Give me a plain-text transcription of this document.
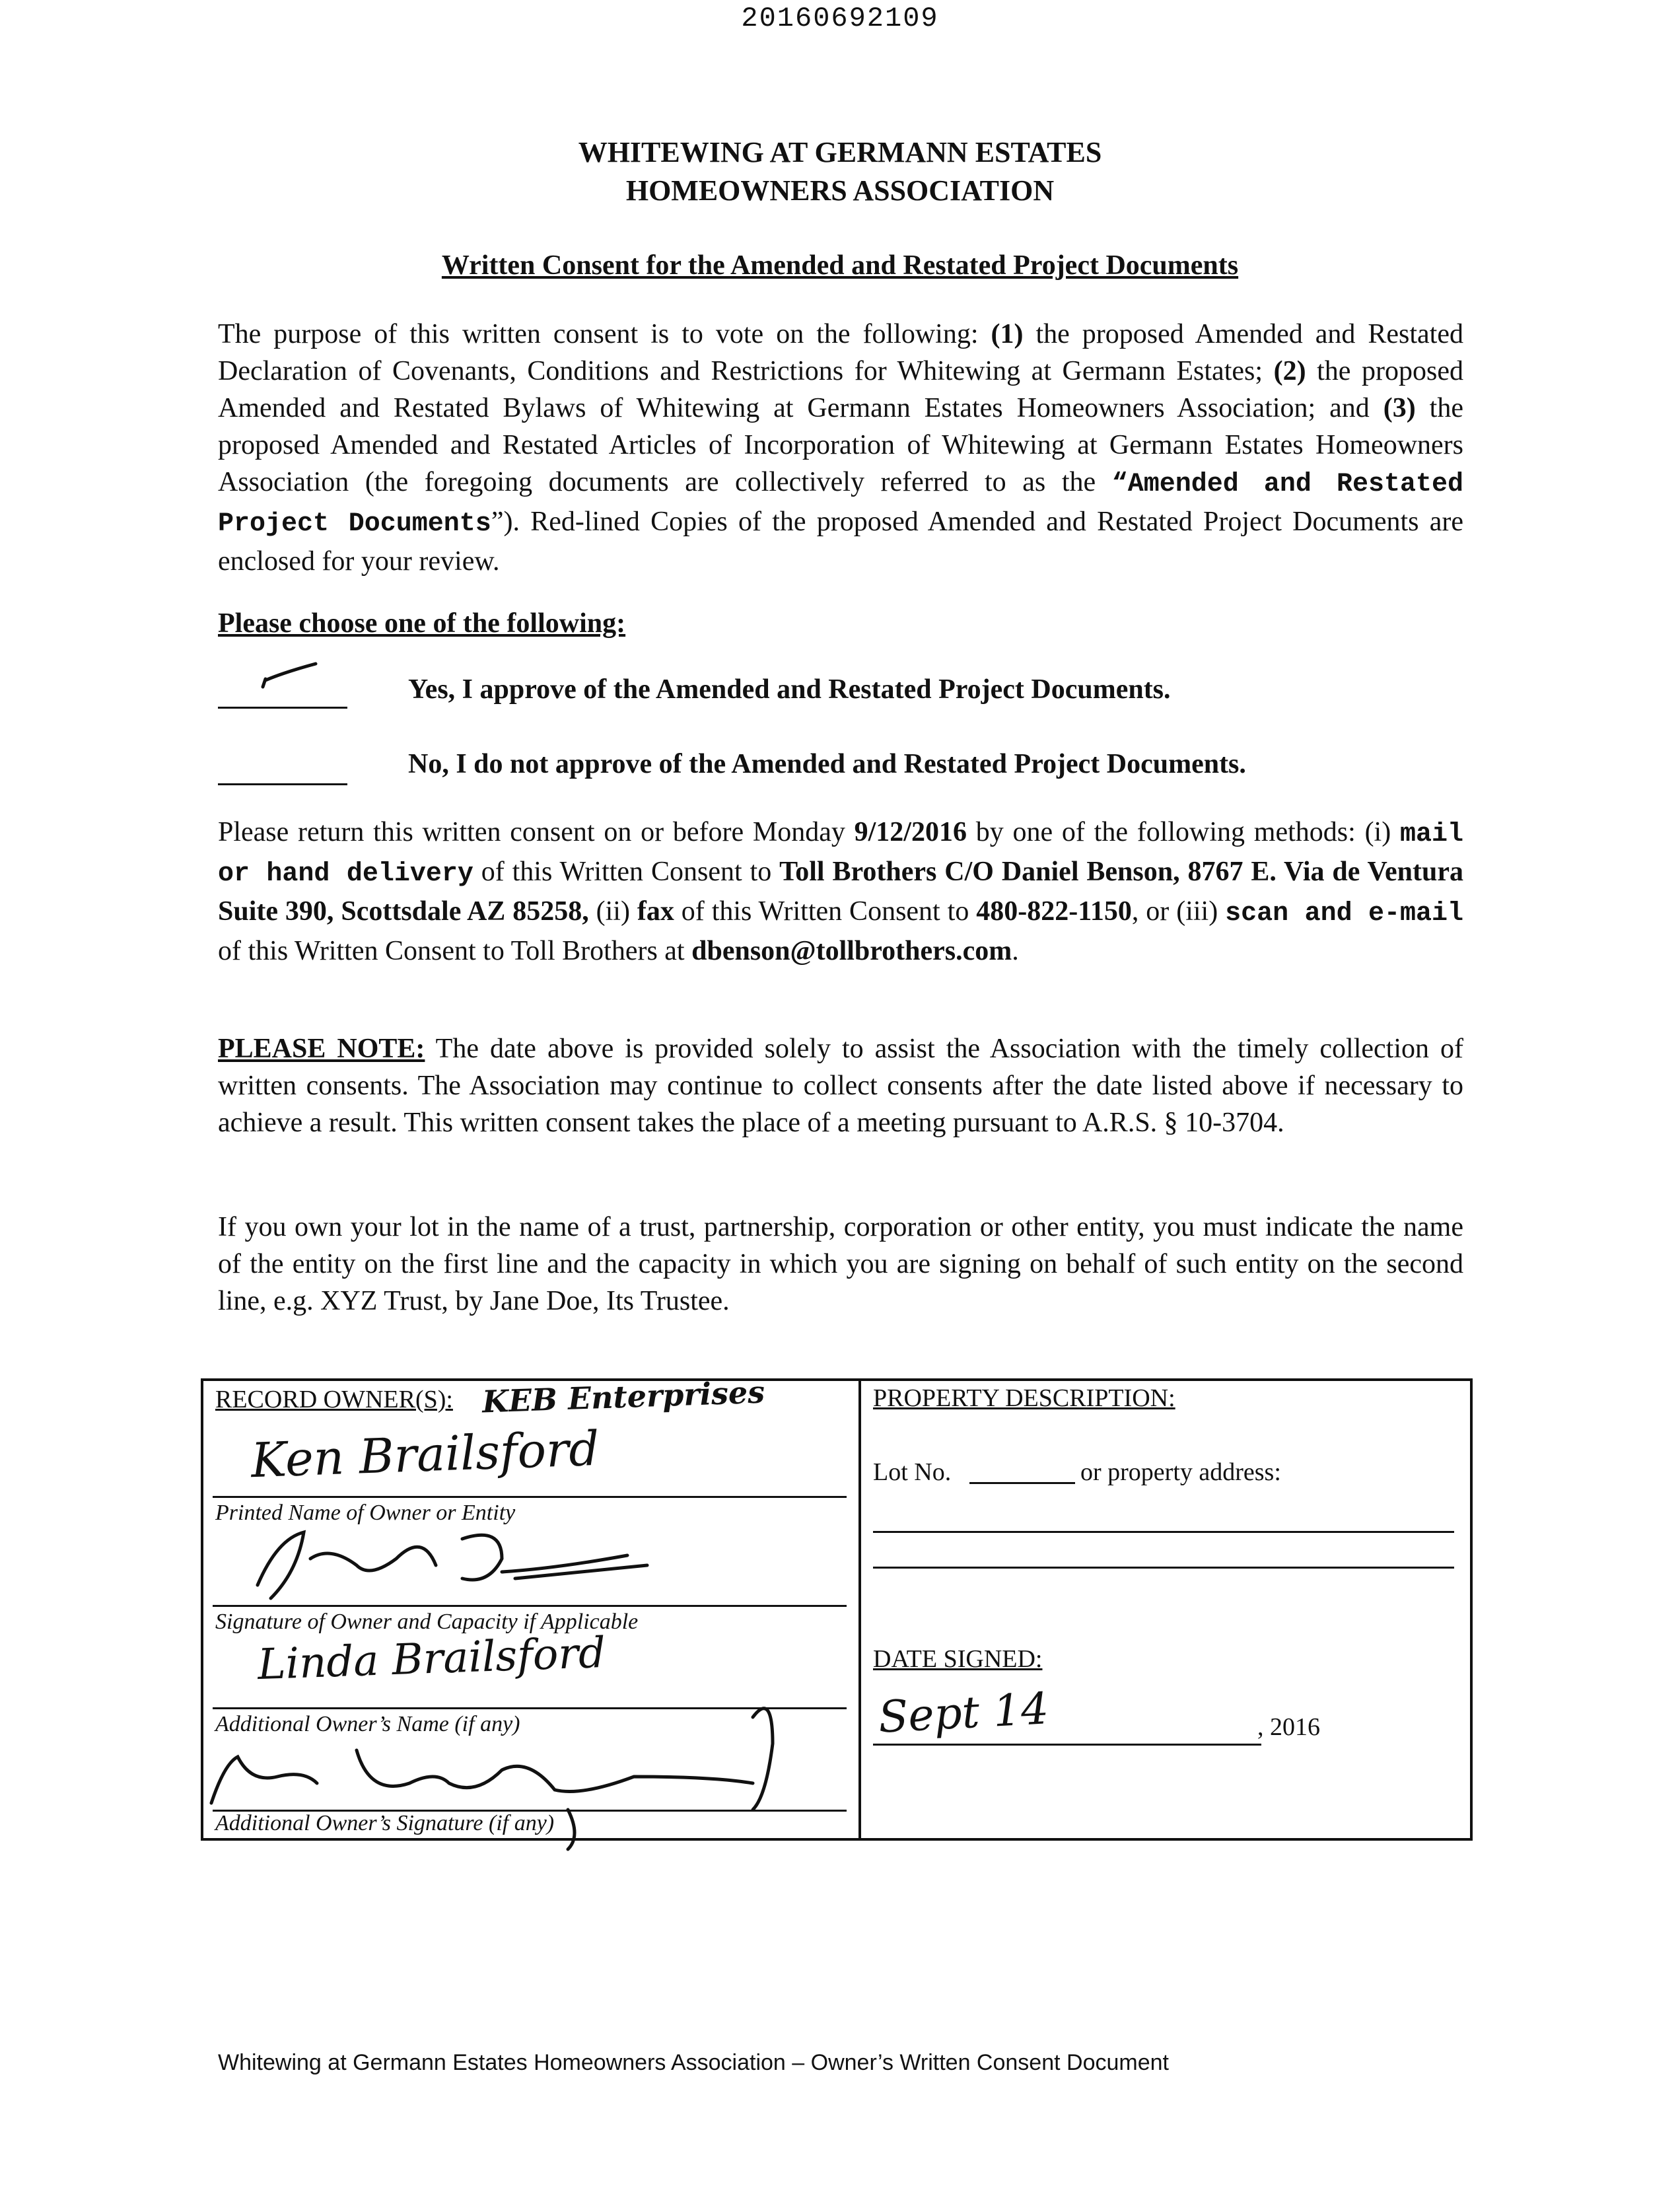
20160692109
WHITEWING AT GERMANN ESTATES
HOMEOWNERS ASSOCIATION
Written Consent for the Amended and Restated Project Documents
The purpose of this written consent is to vote on the following: (1) the proposed Amended and Restated Declaration of Covenants, Conditions and Restrictions for Whitewing at Germann Estates; (2) the proposed Amended and Restated Bylaws of Whitewing at Germann Estates Homeowners Association; and (3) the proposed Amended and Restated Articles of Incorporation of Whitewing at Germann Estates Homeowners Association (the foregoing documents are collectively referred to as the “Amended and Restated Project Documents”). Red-lined Copies of the proposed Amended and Restated Project Documents are enclosed for your review.
Please choose one of the following:
Yes, I approve of the Amended and Restated Project Documents.
No, I do not approve of the Amended and Restated Project Documents.
Please return this written consent on or before Monday 9/12/2016 by one of the following methods: (i) mail or hand delivery of this Written Consent to Toll Brothers C/O Daniel Benson, 8767 E. Via de Ventura Suite 390, Scottsdale AZ 85258, (ii) fax of this Written Consent to 480-822-1150, or (iii) scan and e-mail of this Written Consent to Toll Brothers at dbenson@tollbrothers.com.
PLEASE NOTE: The date above is provided solely to assist the Association with the timely collection of written consents. The Association may continue to collect consents after the date listed above if necessary to achieve a result. This written consent takes the place of a meeting pursuant to A.R.S. § 10-3704.
If you own your lot in the name of a trust, partnership, corporation or other entity, you must indicate the name of the entity on the first line and the capacity in which you are signing on behalf of such entity on the second line, e.g. XYZ Trust, by Jane Doe, Its Trustee.
RECORD OWNER(S): KEB Enterprises
Ken Brailsford
Printed Name of Owner or Entity
Signature of Owner and Capacity if Applicable
Linda Brailsford
Additional Owner’s Name (if any)
Additional Owner’s Signature (if any)
PROPERTY DESCRIPTION:
Lot No.	or property address:
DATE SIGNED:
Sept 14	, 2016
Whitewing at Germann Estates Homeowners Association – Owner’s Written Consent Document
